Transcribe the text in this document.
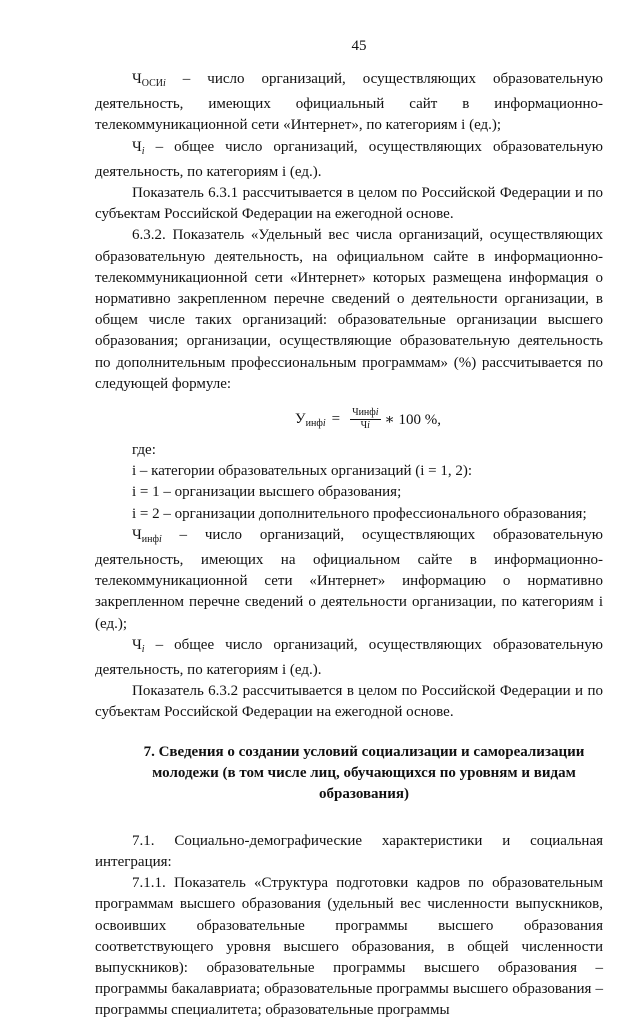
45

$Ч_{ОСИi}$ – число организаций, осуществляющих образовательную деятельность, имеющих официальный сайт в информационно-телекоммуникационной сети «Интернет», по категориям i (ед.);

$Ч_i$ – общее число организаций, осуществляющих образовательную деятельность, по категориям i (ед.).

Показатель 6.3.1 рассчитывается в целом по Российской Федерации и по субъектам Российской Федерации на ежегодной основе.

6.3.2. Показатель «Удельный вес числа организаций, осуществляющих образовательную деятельность, на официальном сайте в информационно-телекоммуникационной сети «Интернет» которых размещена информация о нормативно закрепленном перечне сведений о деятельности организации, в общем числе таких организаций: образовательные организации высшего образования; организации, осуществляющие образовательную деятельность по дополнительным профессиональным программам» (%) рассчитывается по следующей формуле:

$У_{инфi} = \frac{\text{Чинфi}}{Чi}$ ∗ 100 %,

где:

i – категории образовательных организаций (i = 1, 2):

i = 1 – организации высшего образования;

i = 2 – организации дополнительного профессионального образования;

$Ч_{инфi}$ – число организаций, осуществляющих образовательную деятельность, имеющих на официальном сайте в информационно-телекоммуникационной сети «Интернет» информацию о нормативно закрепленном перечне сведений о деятельности организации, по категориям i (ед.);

$Ч_i$ – общее число организаций, осуществляющих образовательную деятельность, по категориям i (ед.).

Показатель 6.3.2 рассчитывается в целом по Российской Федерации и по субъектам Российской Федерации на ежегодной основе.

7. Сведения о создании условий социализации и самореализации молодежи (в том числе лиц, обучающихся по уровням и видам образования)

7.1. Социально-демографические характеристики и социальная интеграция:

7.1.1. Показатель «Структура подготовки кадров по образовательным программам высшего образования (удельный вес численности выпускников, освоивших образовательные программы высшего образования соответствующего уровня высшего образования, в общей численности выпускников): образовательные программы высшего образования – программы бакалавриата; образовательные программы высшего образования – программы специалитета; образовательные программы
